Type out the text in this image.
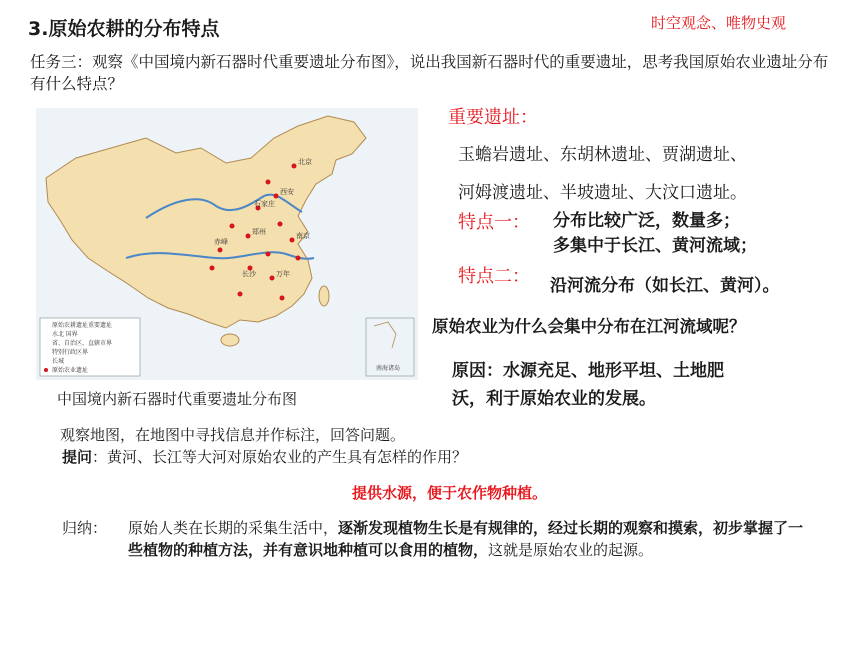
3.原始农耕的分布特点	时空观念、唯物史观
任务三：观察《中国境内新石器时代重要遗址分布图》，说出我国新石器时代的重要遗址，思考我国原始农业遗址分布有什么特点？
重要遗址：
玉蟾岩遗址、东胡林遗址、贾湖遗址、
河姆渡遗址、半坡遗址、大汶口遗址。
特点一： 分布比较广泛，数量多；
多集中于长江、黄河流域；
特点二： 沿河流分布（如长江、黄河）。
原始农业为什么会集中分布在江河流域呢？
原因：水源充足、地形平坦、土地肥
沃，利于原始农业的发展。
北京
西安
赤峰
石家庄
郑州
南京
长沙	万年
原始农耕遗址重要遗址
水北 国界
省、自治区、直辖市界
特别行政区界
长城
原始农业遗址	南海诸岛
中国境内新石器时代重要遗址分布图
观察地图，在地图中寻找信息并作标注，回答问题。
提问：黄河、长江等大河对原始农业的产生具有怎样的作用？
提供水源，便于农作物种植。
归纳： 原始人类在长期的采集生活中，逐渐发现植物生长是有规律的，经过长期的观察和摸索，初步掌握了一些植物的种植方法，并有意识地种植可以食用的植物，这就是原始农业的起源。
